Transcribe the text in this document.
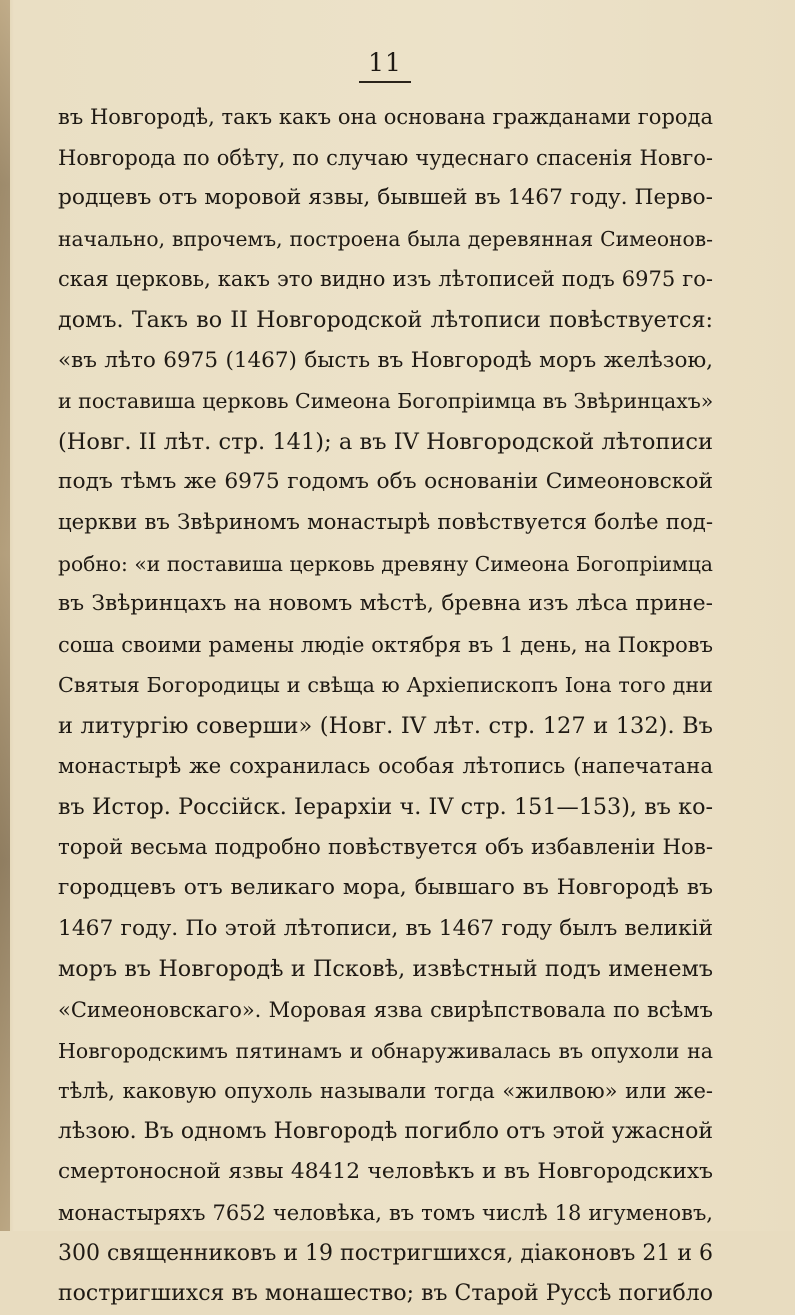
11
въ Новгородѣ, такъ какъ она основана гражданами города
Новгорода по обѣту, по случаю чудеснаго спасенія Новго-
родцевъ отъ моровой язвы, бывшей въ 1467 году. Перво-
начально, впрочемъ, построена была деревянная Симеонов-
ская церковь, какъ это видно изъ лѣтописей подъ 6975 го-
домъ. Такъ во II Новгородской лѣтописи повѣствуется:
«въ лѣто 6975 (1467) бысть въ Новгородѣ моръ желѣзою,
и поставиша церковь Симеона Богопріимца въ Звѣринцахъ»
(Новг. II лѣт. стр. 141); а въ IV Новгородской лѣтописи
подъ тѣмъ же 6975 годомъ объ основаніи Симеоновской
церкви въ Звѣриномъ монастырѣ повѣствуется болѣе под-
робно: «и поставиша церковь древяну Симеона Богопріимца
въ Звѣринцахъ на новомъ мѣстѣ, бревна изъ лѣса прине-
соша своими рамены людіе октября въ 1 день, на Покровъ
Святыя Богородицы и свѣща ю Архіепископъ Іона того дни
и литургію соверши» (Новг. IV лѣт. стр. 127 и 132). Въ
монастырѣ же сохранилась особая лѣтопись (напечатана
въ Истор. Россійск. Іерархіи ч. IV стр. 151—153), въ ко-
торой весьма подробно повѣствуется объ избавленіи Нов-
городцевъ отъ великаго мора, бывшаго въ Новгородѣ въ
1467 году. По этой лѣтописи, въ 1467 году былъ великій
моръ въ Новгородѣ и Псковѣ, извѣстный подъ именемъ
«Симеоновскаго». Моровая язва свирѣпствовала по всѣмъ
Новгородскимъ пятинамъ и обнаруживалась въ опухоли на
тѣлѣ, каковую опухоль называли тогда «жилвою» или же-
лѣзою. Въ одномъ Новгородѣ погибло отъ этой ужасной
смертоносной язвы 48412 человѣкъ и въ Новгородскихъ
монастыряхъ 7652 человѣка, въ томъ числѣ 18 игуменовъ,
300 священниковъ и 19 постригшихся, діаконовъ 21 и 6
постригшихся въ монашество; въ Старой Руссѣ погибло
